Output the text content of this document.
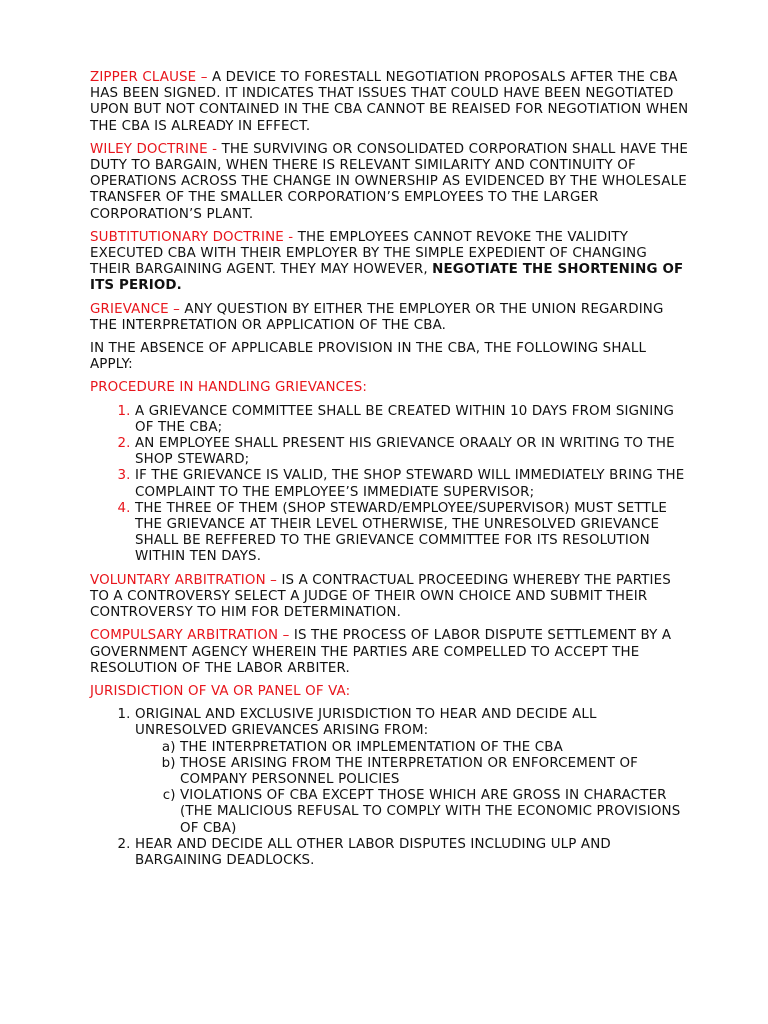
ZIPPER CLAUSE – A DEVICE TO FORESTALL NEGOTIATION PROPOSALS AFTER THE CBA HAS BEEN SIGNED. IT INDICATES THAT ISSUES THAT COULD HAVE BEEN NEGOTIATED UPON BUT NOT CONTAINED IN THE CBA CANNOT BE REAISED FOR NEGOTIATION WHEN THE CBA IS ALREADY IN EFFECT.

WILEY DOCTRINE - THE SURVIVING OR CONSOLIDATED CORPORATION SHALL HAVE THE DUTY TO BARGAIN, WHEN THERE IS RELEVANT SIMILARITY AND CONTINUITY OF OPERATIONS ACROSS THE CHANGE IN OWNERSHIP AS EVIDENCED BY THE WHOLESALE TRANSFER OF THE SMALLER CORPORATION’S EMPLOYEES TO THE LARGER CORPORATION’S PLANT.

SUBTITUTIONARY DOCTRINE - THE EMPLOYEES CANNOT REVOKE THE VALIDITY EXECUTED CBA WITH THEIR EMPLOYER BY THE SIMPLE EXPEDIENT OF CHANGING THEIR BARGAINING AGENT. THEY MAY HOWEVER, NEGOTIATE THE SHORTENING OF ITS PERIOD.

GRIEVANCE – ANY QUESTION BY EITHER THE EMPLOYER OR THE UNION REGARDING THE INTERPRETATION OR APPLICATION OF THE CBA.

IN THE ABSENCE OF APPLICABLE PROVISION IN THE CBA, THE FOLLOWING SHALL APPLY:

PROCEDURE IN HANDLING GRIEVANCES:

1. A GRIEVANCE COMMITTEE SHALL BE CREATED WITHIN 10 DAYS FROM SIGNING OF THE CBA;
2. AN EMPLOYEE SHALL PRESENT HIS GRIEVANCE ORAALY OR IN WRITING TO THE SHOP STEWARD;
3. IF THE GRIEVANCE IS VALID, THE SHOP STEWARD WILL IMMEDIATELY BRING THE COMPLAINT TO THE EMPLOYEE’S IMMEDIATE SUPERVISOR;
4. THE THREE OF THEM (SHOP STEWARD/EMPLOYEE/SUPERVISOR) MUST SETTLE THE GRIEVANCE AT THEIR LEVEL OTHERWISE, THE UNRESOLVED GRIEVANCE SHALL BE REFFERED TO THE GRIEVANCE COMMITTEE FOR ITS RESOLUTION WITHIN TEN DAYS.

VOLUNTARY ARBITRATION – IS A CONTRACTUAL PROCEEDING WHEREBY THE PARTIES TO A CONTROVERSY SELECT A JUDGE OF THEIR OWN CHOICE AND SUBMIT THEIR CONTROVERSY TO HIM FOR DETERMINATION.

COMPULSARY ARBITRATION – IS THE PROCESS OF LABOR DISPUTE SETTLEMENT BY A GOVERNMENT AGENCY WHEREIN THE PARTIES ARE COMPELLED TO ACCEPT THE RESOLUTION OF THE LABOR ARBITER.

JURISDICTION OF VA OR PANEL OF VA:

1. ORIGINAL AND EXCLUSIVE JURISDICTION TO HEAR AND DECIDE ALL UNRESOLVED GRIEVANCES ARISING FROM:
a. THE INTERPRETATION OR IMPLEMENTATION OF THE CBA
b. THOSE ARISING FROM THE INTERPRETATION OR ENFORCEMENT OF COMPANY PERSONNEL POLICIES
c. VIOLATIONS OF CBA EXCEPT THOSE WHICH ARE GROSS IN CHARACTER (THE MALICIOUS REFUSAL TO COMPLY WITH THE ECONOMIC PROVISIONS OF CBA)
2. HEAR AND DECIDE ALL OTHER LABOR DISPUTES INCLUDING ULP AND BARGAINING DEADLOCKS.
